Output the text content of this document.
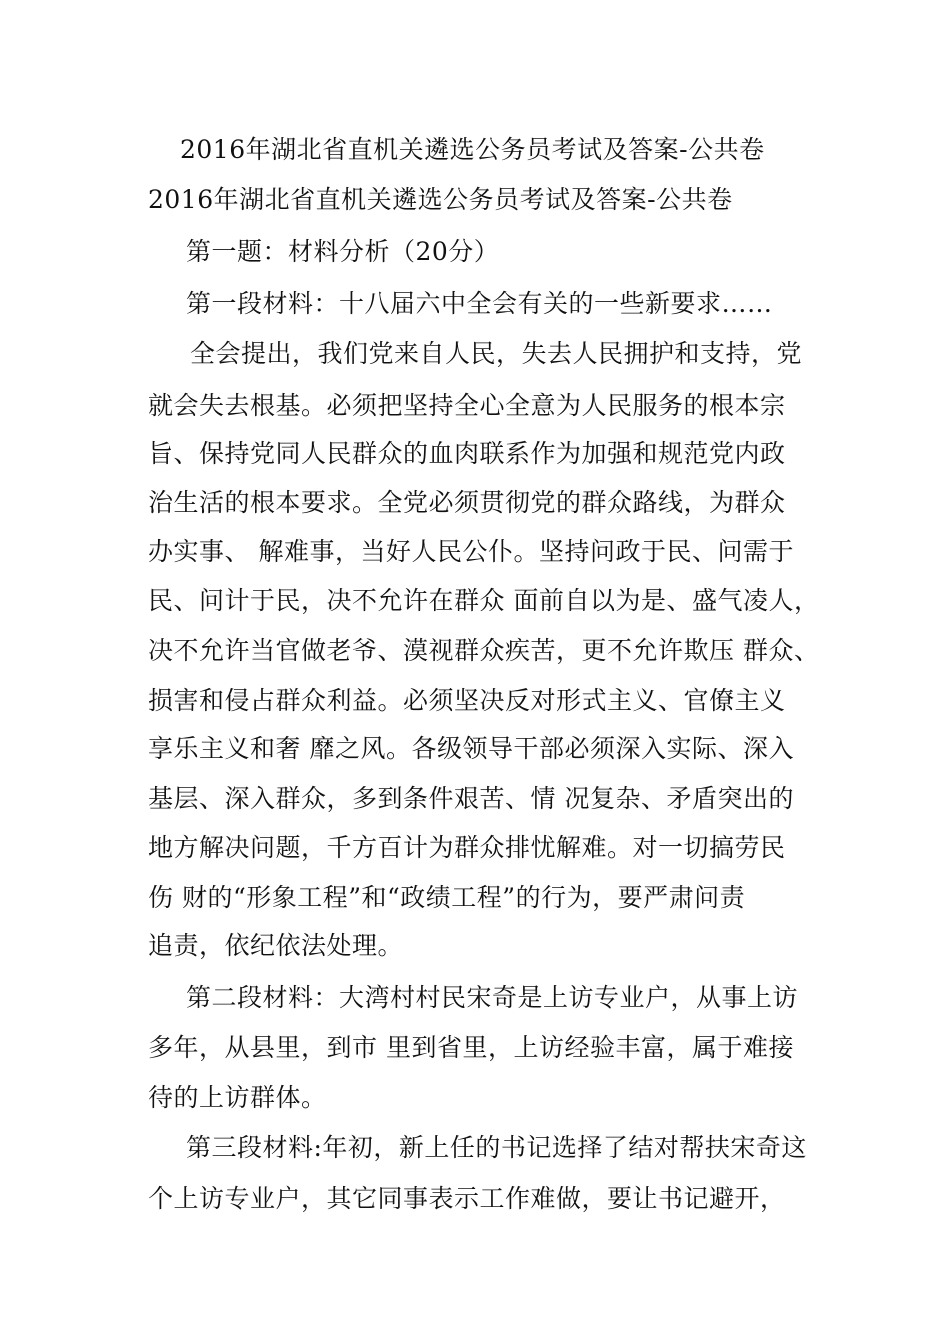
2016年湖北省直机关遴选公务员考试及答案-公共卷
2016年湖北省直机关遴选公务员考试及答案-公共卷
第一题：材料分析（20分）
第一段材料：十八届六中全会有关的一些新要求……
全会提出，我们党来自人民，失去人民拥护和支持，党
就会失去根基。必须把坚持全心全意为人民服务的根本宗
旨、保持党同人民群众的血肉联系作为加强和规范党内政
治生活的根本要求。全党必须贯彻党的群众路线，为群众
办实事、 解难事，当好人民公仆。坚持问政于民、问需于
民、问计于民，决不允许在群众 面前自以为是、盛气凌人，
决不允许当官做老爷、漠视群众疾苦，更不允许欺压 群众、
损害和侵占群众利益。必须坚决反对形式主义、官僚主义
享乐主义和奢 靡之风。各级领导干部必须深入实际、深入
基层、深入群众，多到条件艰苦、情 况复杂、矛盾突出的
地方解决问题，千方百计为群众排忧解难。对一切搞劳民
伤 财的“形象工程”和“政绩工程”的行为，要严肃问责
追责，依纪依法处理。
第二段材料：大湾村村民宋奇是上访专业户，从事上访
多年，从县里，到市 里到省里，上访经验丰富，属于难接
待的上访群体。
第三段材料:年初，新上任的书记选择了结对帮扶宋奇这
个上访专业户，其它同事表示工作难做，要让书记避开，
